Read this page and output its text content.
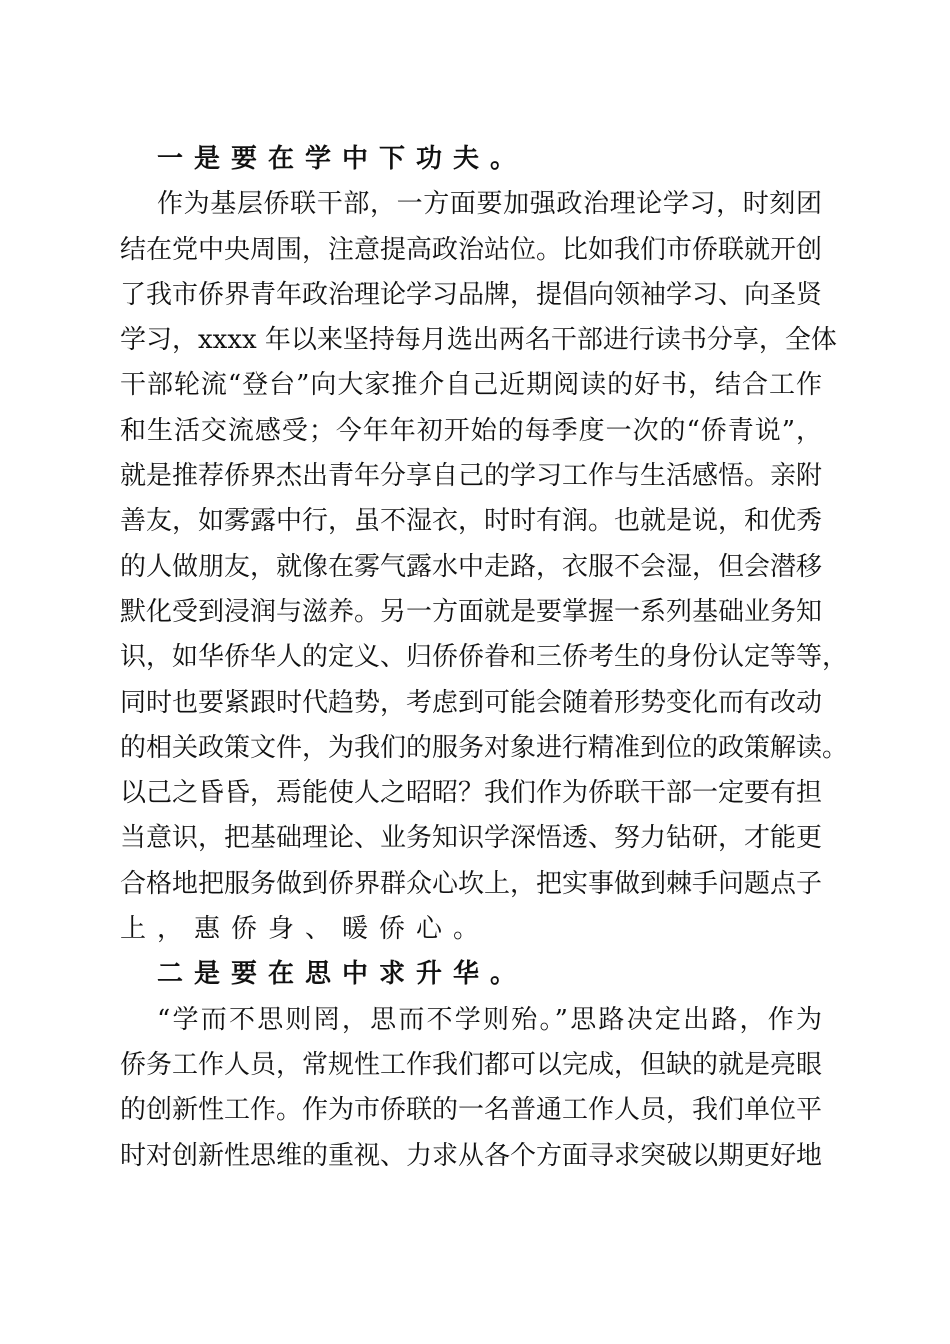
一是要在学中下功夫。
作为基层侨联干部，一方面要加强政治理论学习，时刻团
结在党中央周围，注意提高政治站位。比如我们市侨联就开创
了我市侨界青年政治理论学习品牌，提倡向领袖学习、向圣贤
学习，xxxx 年以来坚持每月选出两名干部进行读书分享，全体
干部轮流“登台”向大家推介自己近期阅读的好书，结合工作
和生活交流感受；今年年初开始的每季度一次的“侨青说”，
就是推荐侨界杰出青年分享自己的学习工作与生活感悟。亲附
善友，如雾露中行，虽不湿衣，时时有润。也就是说，和优秀
的人做朋友，就像在雾气露水中走路，衣服不会湿，但会潜移
默化受到浸润与滋养。另一方面就是要掌握一系列基础业务知
识，如华侨华人的定义、归侨侨眷和三侨考生的身份认定等等，
同时也要紧跟时代趋势，考虑到可能会随着形势变化而有改动
的相关政策文件，为我们的服务对象进行精准到位的政策解读。
以己之昏昏，焉能使人之昭昭？我们作为侨联干部一定要有担
当意识，把基础理论、业务知识学深悟透、努力钻研，才能更
合格地把服务做到侨界群众心坎上，把实事做到棘手问题点子
上，惠侨身、暖侨心。
二是要在思中求升华。
“学而不思则罔，思而不学则殆。”思路决定出路，作为
侨务工作人员，常规性工作我们都可以完成，但缺的就是亮眼
的创新性工作。作为市侨联的一名普通工作人员，我们单位平
时对创新性思维的重视、力求从各个方面寻求突破以期更好地
